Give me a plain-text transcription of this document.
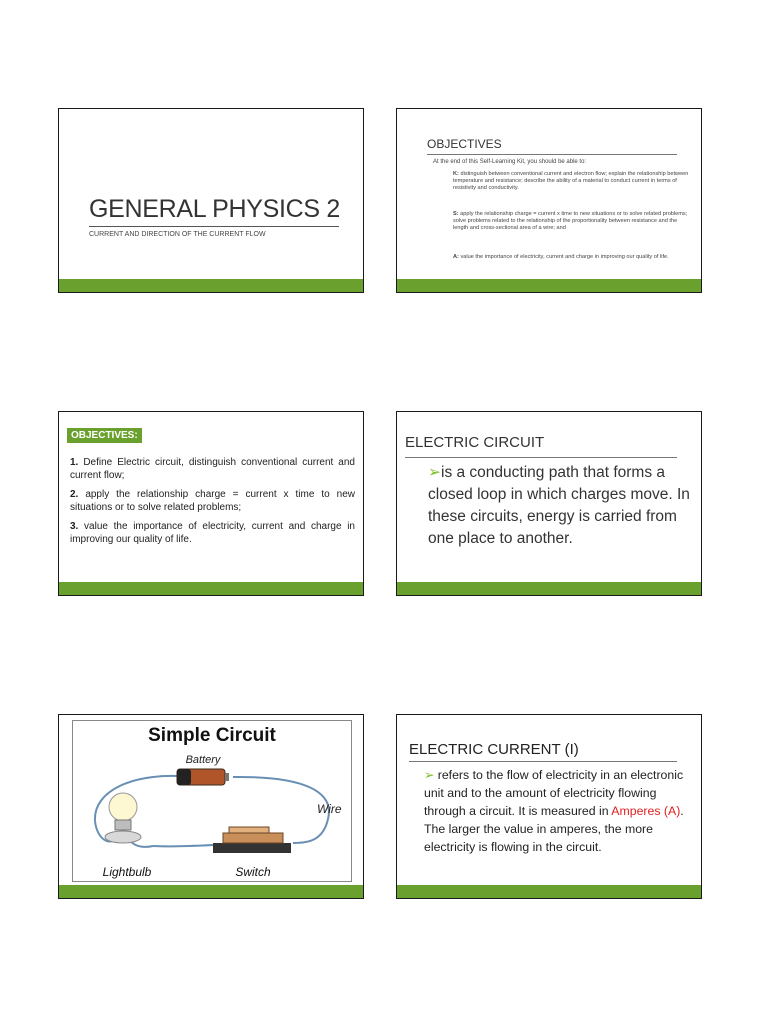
GENERAL PHYSICS 2
CURRENT AND DIRECTION OF THE CURRENT FLOW
OBJECTIVES
At the end of this Self-Learning Kit, you should be able to:
K: distinguish between conventional current and electron flow; explain the relationship between temperature and resistance; describe the ability of a material to conduct current in terms of resistivity and conductivity.
S: apply the relationship charge = current x time to new situations or to solve related problems; solve problems related to the relationship of the proportionality between resistance and the length and cross-sectional area of a wire; and
A: value the importance of electricity, current and charge in improving our quality of life.
OBJECTIVES:

1. Define Electric circuit, distinguish conventional current and current flow;

2. apply the relationship charge = current x time to new situations or to solve related problems;

3. value the importance of electricity, current and charge in improving our quality of life.

ELECTRIC CIRCUIT
➢is a conducting path that forms a closed loop in which charges move. In these circuits, energy is carried from one place to another.
Simple Circuit
Battery
Lightbulb	Switch
Wire
ELECTRIC CURRENT (I)
➢ refers to the flow of electricity in an electronic unit and to the amount of electricity flowing through a circuit. It is measured in Amperes (A). The larger the value in amperes, the more electricity is flowing in the circuit.
